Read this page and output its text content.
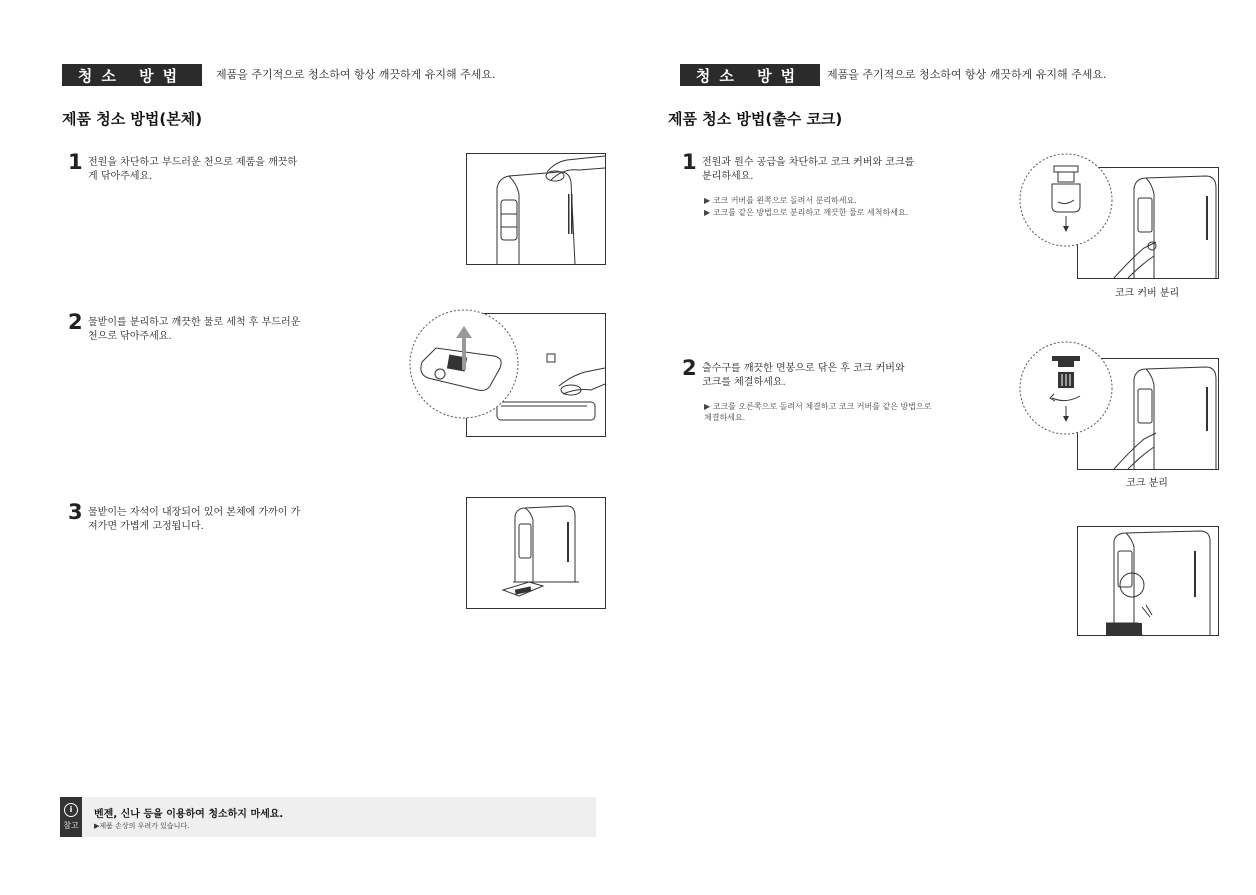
청소 방법	제품을 주기적으로 청소하여 항상 깨끗하게 유지해 주세요.
제품 청소 방법(본체)
1 전원을 차단하고 부드러운 천으로 제품을 깨끗하게 닦아주세요.
2 물받이를 분리하고 깨끗한 물로 세척 후 부드러운 천으로 닦아주세요.
3 물받이는 자석이 내장되어 있어 본체에 가까이 가져가면 가볍게 고정됩니다.
i
참고
벤젠, 신나 등을 이용하여 청소하지 마세요.
▶제품 손상의 우려가 있습니다.
청소 방법	제품을 주기적으로 청소하여 항상 깨끗하게 유지해 주세요.
제품 청소 방법(출수 코크)
1 전원과 원수 공급을 차단하고 코크 커버와 코크를 분리하세요.
▶ 코크 커버를 왼쪽으로 돌려서 분리하세요.
▶ 코크를 같은 방법으로 분리하고 깨끗한 물로 세척하세요.
코크 커버 분리
2 출수구를 깨끗한 면봉으로 닦은 후 코크 커버와 코크를 체결하세요.
▶ 코크를 오른쪽으로 돌려서 체결하고 코크 커버를 같은 방법으로 체결하세요.
코크 분리
